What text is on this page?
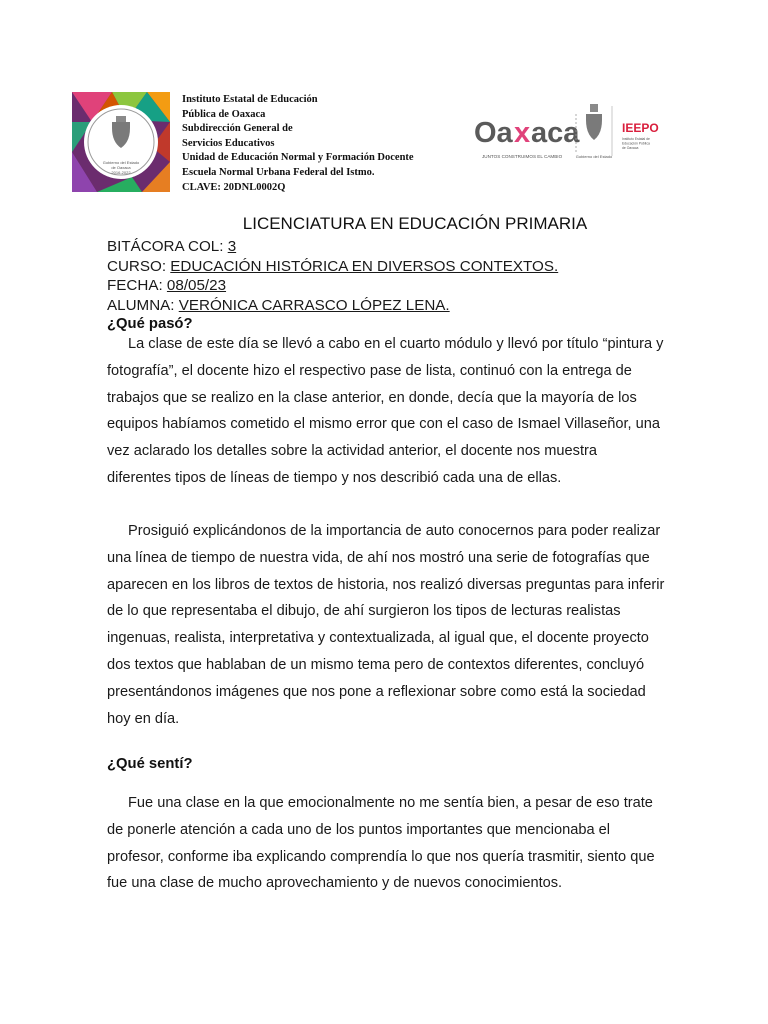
Gobierno del Estado
de Oaxaca
2016-2022
Instituto Estatal de Educación
Pública de Oaxaca
Subdirección General de
Servicios Educativos
Unidad de Educación Normal y Formación Docente
Escuela Normal Urbana Federal del Istmo.
CLAVE: 20DNL0002Q
Oa x aca
JUNTOS CONSTRUIMOS EL CAMBIO	Gobierno del Estado
IEEPO
Instituto Estatal de
Educación Pública
de Oaxaca
LICENCIATURA EN EDUCACIÓN PRIMARIA
BITÁCORA COL: 3
CURSO: EDUCACIÓN HISTÓRICA EN DIVERSOS CONTEXTOS.
FECHA: 08/05/23
ALUMNA: VERÓNICA CARRASCO LÓPEZ LENA.
¿Qué pasó?
La clase de este día se llevó a cabo en el cuarto módulo y llevó por título “pintura y fotografía”, el docente hizo el respectivo pase de lista, continuó con la entrega de trabajos que se realizo en la clase anterior, en donde, decía que la mayoría de los equipos habíamos cometido el mismo error que con el caso de Ismael Villaseñor, una vez aclarado los detalles sobre la actividad anterior, el docente nos muestra diferentes tipos de líneas de tiempo y nos describió cada una de ellas.
Prosiguió explicándonos de la importancia de auto conocernos para poder realizar una línea de tiempo de nuestra vida, de ahí nos mostró una serie de fotografías que aparecen en los libros de textos de historia, nos realizó diversas preguntas para inferir de lo que representaba el dibujo, de ahí surgieron los tipos de lecturas realistas ingenuas, realista, interpretativa y contextualizada, al igual que, el docente proyecto dos textos que hablaban de un mismo tema pero de contextos diferentes, concluyó presentándonos imágenes que nos pone a reflexionar sobre como está la sociedad hoy en día.
¿Qué sentí?
Fue una clase en la que emocionalmente no me sentía bien, a pesar de eso trate de ponerle atención a cada uno de los puntos importantes que mencionaba el profesor, conforme iba explicando comprendía lo que nos quería trasmitir, siento que fue una clase de mucho aprovechamiento y de nuevos conocimientos.
